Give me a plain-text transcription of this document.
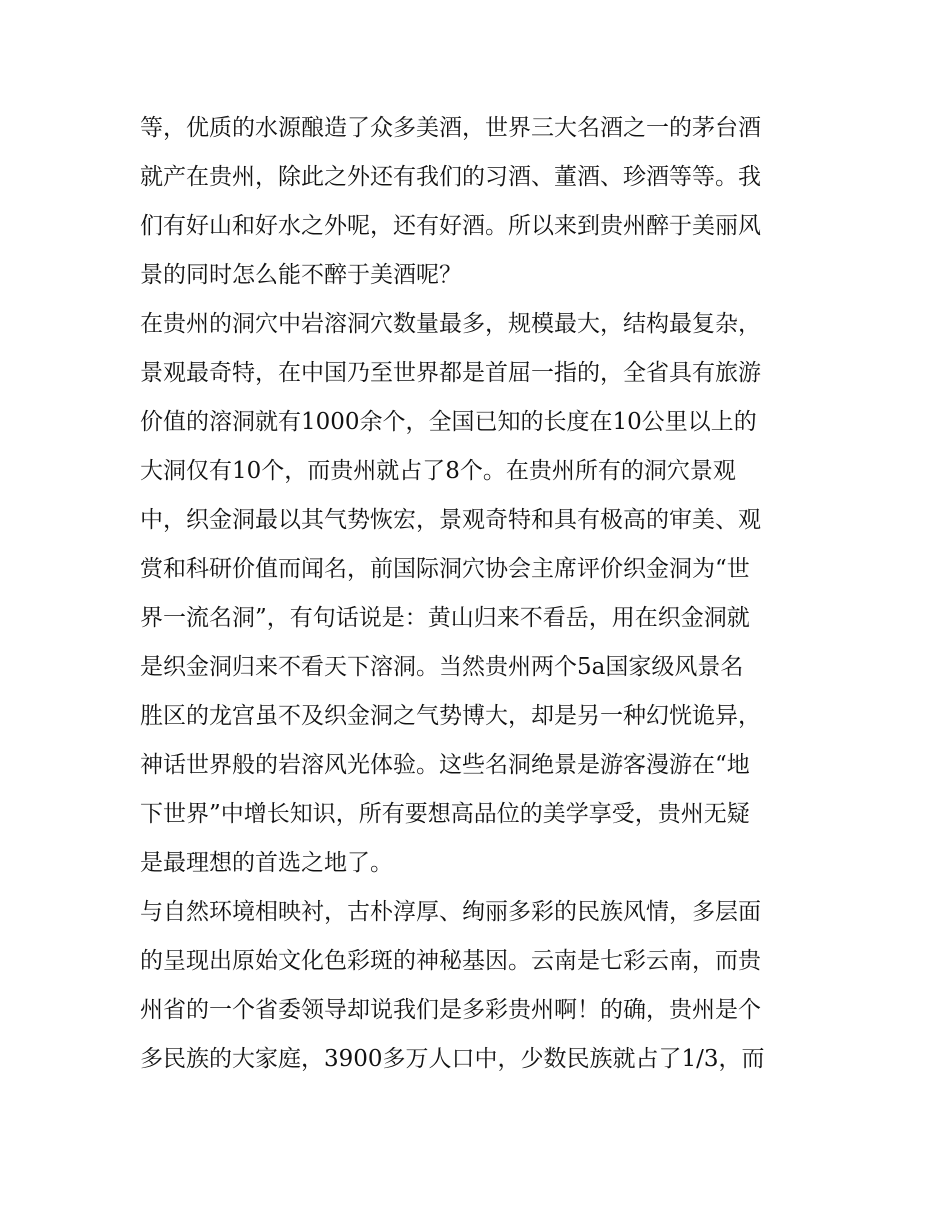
等，优质的水源酿造了众多美酒，世界三大名酒之一的茅台酒
就产在贵州，除此之外还有我们的习酒、董酒、珍酒等等。我
们有好山和好水之外呢，还有好酒。所以来到贵州醉于美丽风
景的同时怎么能不醉于美酒呢？
在贵州的洞穴中岩溶洞穴数量最多，规模最大，结构最复杂，
景观最奇特，在中国乃至世界都是首屈一指的，全省具有旅游
价值的溶洞就有1000余个，全国已知的长度在10公里以上的
大洞仅有10个，而贵州就占了8个。在贵州所有的洞穴景观
中，织金洞最以其气势恢宏，景观奇特和具有极高的审美、观
赏和科研价值而闻名，前国际洞穴协会主席评价织金洞为“世
界一流名洞”，有句话说是：黄山归来不看岳，用在织金洞就
是织金洞归来不看天下溶洞。当然贵州两个5a国家级风景名
胜区的龙宫虽不及织金洞之气势博大，却是另一种幻恍诡异，
神话世界般的岩溶风光体验。这些名洞绝景是游客漫游在“地
下世界”中增长知识，所有要想高品位的美学享受，贵州无疑
是最理想的首选之地了。
与自然环境相映衬，古朴淳厚、绚丽多彩的民族风情，多层面
的呈现出原始文化色彩斑的神秘基因。云南是七彩云南，而贵
州省的一个省委领导却说我们是多彩贵州啊！的确，贵州是个
多民族的大家庭，3900多万人口中，少数民族就占了1/3，而
